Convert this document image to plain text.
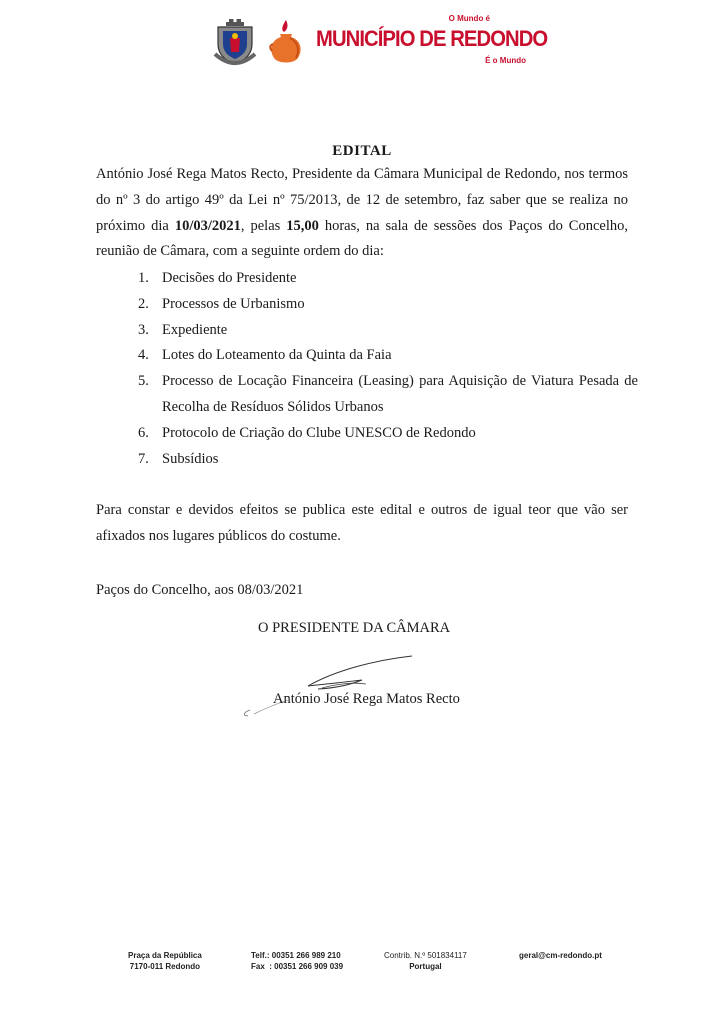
REDONDO
O Mundo é
MUNICÍPIO DE REDONDO
É o Mundo
EDITAL
António José Rega Matos Recto, Presidente da Câmara Municipal de Redondo, nos termos do nº 3 do artigo 49º da Lei nº 75/2013, de 12 de setembro, faz saber que se realiza no próximo dia 10/03/2021, pelas 15,00 horas, na sala de sessões dos Paços do Concelho, reunião de Câmara, com a seguinte ordem do dia:
1. Decisões do Presidente
2. Processos de Urbanismo
3. Expediente
4. Lotes do Loteamento da Quinta da Faia
5. Processo de Locação Financeira (Leasing) para Aquisição de Viatura Pesada de Recolha de Resíduos Sólidos Urbanos
6. Protocolo de Criação do Clube UNESCO de Redondo
7. Subsídios
Para constar e devidos efeitos se publica este edital e outros de igual teor que vão ser afixados nos lugares públicos do costume.
Paços do Concelho, aos 08/03/2021
O PRESIDENTE DA CÂMARA
António José Rega Matos Recto
Praça da República
7170-011 Redondo
Telf.: 00351 266 989 210
Fax  : 00351 266 909 039
Contrib. N.º 501834117
Portugal
geral@cm-redondo.pt
